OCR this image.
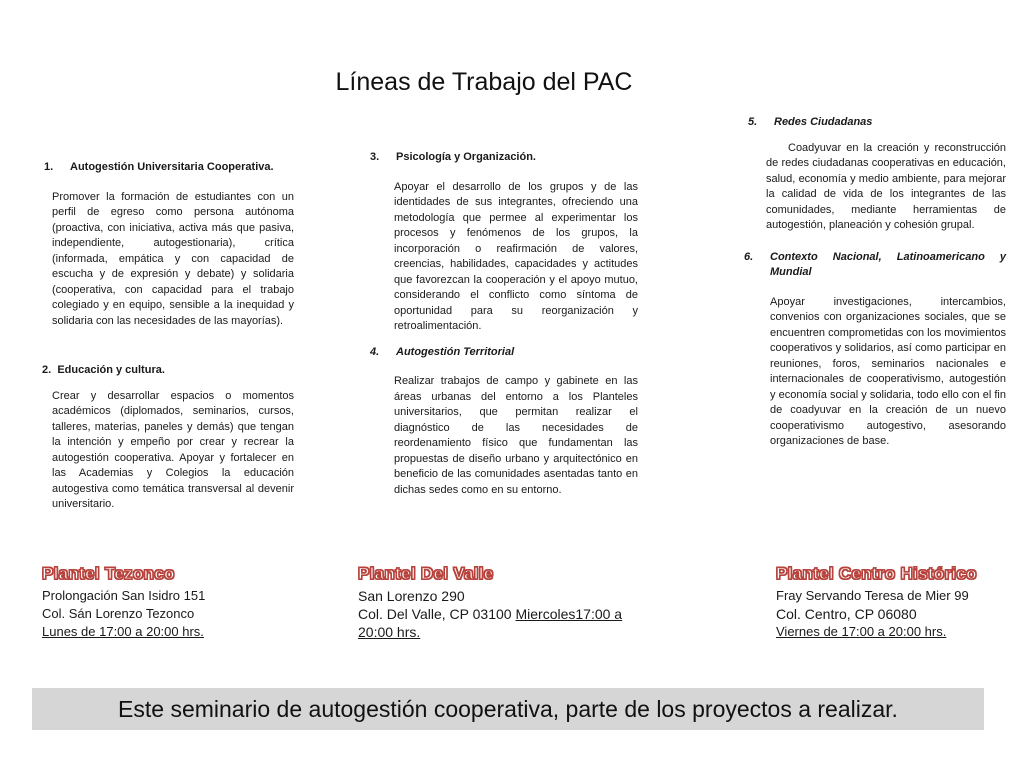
Líneas de Trabajo del PAC
1. Autogestión Universitaria Cooperativa.

Promover la formación de estudiantes con un perfil de egreso como persona autónoma (proactiva, con iniciativa, activa más que pasiva, independiente, autogestionaria), crítica (informada, empática y con capacidad de escucha y de expresión y debate) y solidaria (cooperativa, con capacidad para el trabajo colegiado y en equipo, sensible a la inequidad y solidaria con las necesidades de las mayorías).

2. Educación y cultura.

Crear y desarrollar espacios o momentos académicos (diplomados, seminarios, cursos, talleres, materias, paneles y demás) que tengan la intención y empeño por crear y recrear la autogestión cooperativa. Apoyar y fortalecer en las Academias y Colegios la educación autogestiva como temática transversal al devenir universitario.

3. Psicología y Organización.

Apoyar el desarrollo de los grupos y de las identidades de sus integrantes, ofreciendo una metodología que permee al experimentar los procesos y fenómenos de los grupos, la incorporación o reafirmación de valores, creencias, habilidades, capacidades y actitudes que favorezcan la cooperación y el apoyo mutuo, considerando el conflicto como síntoma de oportunidad para su reorganización y retroalimentación.

4. Autogestión Territorial

Realizar trabajos de campo y gabinete en las áreas urbanas del entorno a los Planteles universitarios, que permitan realizar el diagnóstico de las necesidades de reordenamiento físico que fundamentan las propuestas de diseño urbano y arquitectónico en beneficio de las comunidades asentadas tanto en dichas sedes como en su entorno.

5. Redes Ciudadanas

Coadyuvar en la creación y reconstrucción de redes ciudadanas cooperativas en educación, salud, economía y medio ambiente, para mejorar la calidad de vida de los integrantes de las comunidades, mediante herramientas de autogestión, planeación y cohesión grupal.

6.	Contexto Nacional, Latinoamericano y Mundial

Apoyar investigaciones, intercambios, convenios con organizaciones sociales, que se encuentren comprometidas con los movimientos cooperativos y solidarios, así como participar en reuniones, foros, seminarios nacionales e internacionales de cooperativismo, autogestión y economía social y solidaria, todo ello con el fin de coadyuvar en la creación de un nuevo cooperativismo autogestivo, asesorando organizaciones de base.

Plantel Tezonco
Prolongación San Isidro 151
Col. Sán Lorenzo Tezonco
Lunes de 17:00 a 20:00 hrs.
Plantel Del Valle
San Lorenzo 290
Col. Del Valle, CP 03100 Miercoles17:00 a 20:00 hrs.
Plantel Centro Histórico
Fray Servando Teresa de Mier 99
Col. Centro, CP 06080
Viernes de 17:00 a 20:00 hrs.
Este seminario de autogestión cooperativa, parte de los proyectos a realizar.
